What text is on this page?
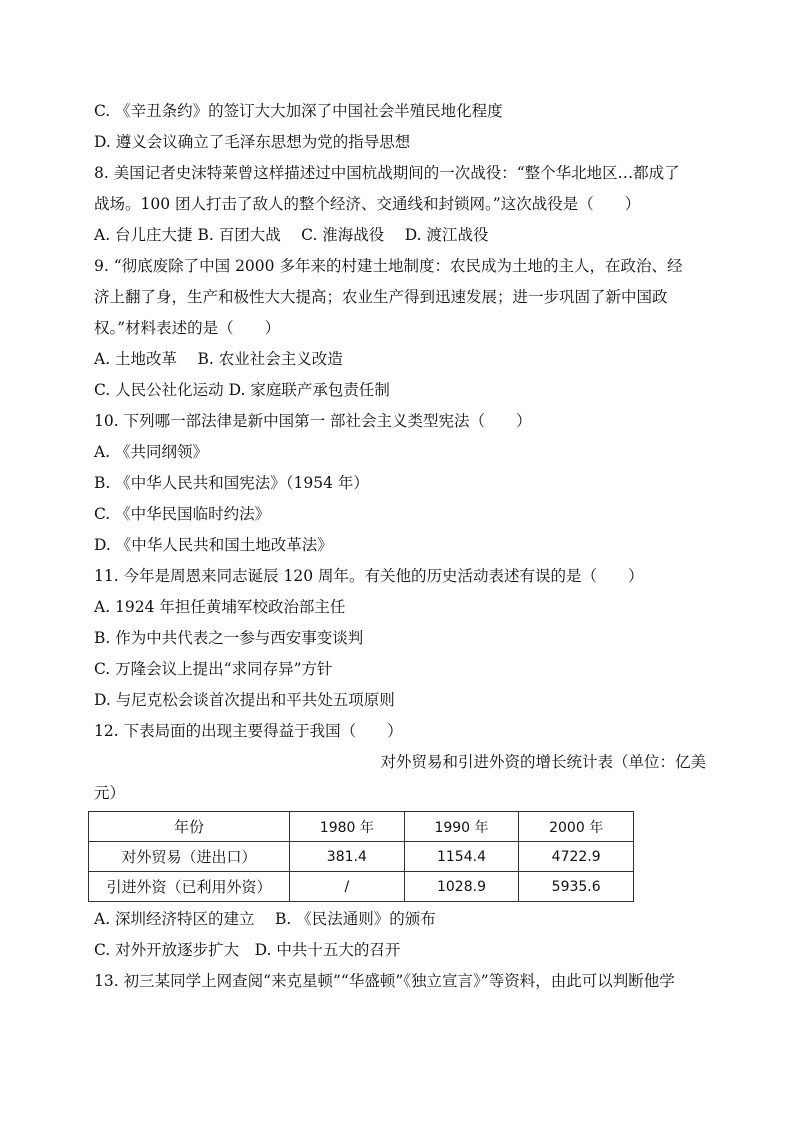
C. 《辛丑条约》的签订大大加深了中国社会半殖民地化程度
D. 遵义会议确立了毛泽东思想为党的指导思想
8. 美国记者史沫特莱曾这样描述过中国杭战期间的一次战役：“整个华北地区…都成了
战场。100 团人打击了敌人的整个经济、交通线和封锁网。”这次战役是（　　）
A. 台儿庄大捷 B. 百团大战　 C. 淮海战役　 D. 渡江战役
9. “彻底废除了中国 2000 多年来的村建土地制度：农民成为土地的主人，在政治、经
济上翻了身，生产和极性大大提高；农业生产得到迅速发展；进一步巩固了新中国政
权。”材料表述的是（　　）
A. 土地改革　 B. 农业社会主义改造
C. 人民公社化运动 D. 家庭联产承包责任制
10. 下列哪一部法律是新中国第一 部社会主义类型宪法（　　）
A. 《共同纲领》
B. 《中华人民共和国宪法》（1954 年）
C. 《中华民国临时约法》
D. 《中华人民共和国土地改革法》
11. 今年是周恩来同志诞辰 120 周年。有关他的历史活动表述有误的是（　　）
A. 1924 年担任黄埔军校政治部主任
B. 作为中共代表之一参与西安事变谈判
C. 万隆会议上提出“求同存异”方针
D. 与尼克松会谈首次提出和平共处五项原则
12. 下表局面的出现主要得益于我国（　　）
对外贸易和引进外资的增长统计表（单位：亿美
元）
年份	1980 年	1990 年	2000 年
对外贸易（进出口）	381.4	1154.4	4722.9
引进外资（已利用外资）	/	1028.9	5935.6
A. 深圳经济特区的建立　 B. 《民法通则》的颁布
C. 对外开放逐步扩大　D. 中共十五大的召开
13. 初三某同学上网查阅“来克星顿”“华盛顿”《独立宣言》”等资料，由此可以判断他学
